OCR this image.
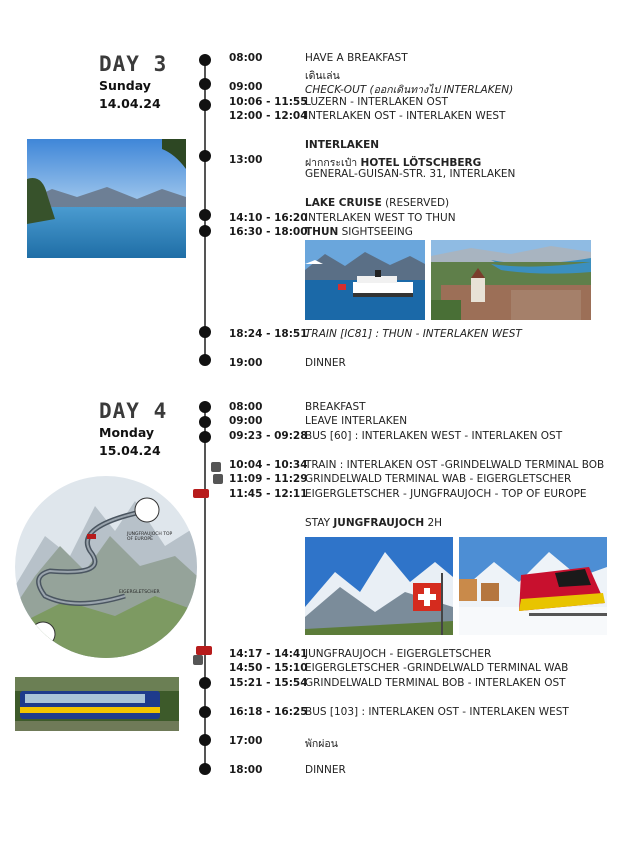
DAY 3
Sunday
14.04.24
08:00	HAVE A BREAKFAST
เดินเล่น
09:00	CHECK-OUT (ออกเดินทางไป INTERLAKEN)
10:06 - 11:55
LUZERN - INTERLAKEN OST
12:00 - 12:04
INTERLAKEN OST - INTERLAKEN WEST
INTERLAKEN
13:00	ฝากกระเป๋า HOTEL LÖTSCHBERG
GENERAL-GUISAN-STR. 31, INTERLAKEN
LAKE CRUISE (RESERVED)
14:10 - 16:20
INTERLAKEN WEST TO THUN
16:30 - 18:00
THUN SIGHTSEEING
18:24 - 18:51
TRAIN [IC81] : THUN - INTERLAKEN WEST
19:00	DINNER
DAY 4
Monday
15.04.24
08:00	BREAKFAST
09:00	LEAVE INTERLAKEN
09:23 - 09:28
BUS [60] : INTERLAKEN WEST - INTERLAKEN OST
10:04 - 10:34
TRAIN : INTERLAKEN OST -GRINDELWALD TERMINAL BOB
11:09 - 11:29
GRINDELWALD TERMINAL WAB - EIGERGLETSCHER
11:45 - 12:11
EIGERGLETSCHER - JUNGFRAUJOCH - TOP OF EUROPE
STAY JUNGFRAUJOCH 2H
14:17 - 14:41
JUNGFRAUJOCH - EIGERGLETSCHER
14:50 - 15:10
EIGERGLETSCHER -GRINDELWALD TERMINAL WAB
15:21 - 15:54
GRINDELWALD TERMINAL BOB - INTERLAKEN OST
16:18 - 16:25
BUS [103] : INTERLAKEN OST - INTERLAKEN WEST
17:00	พักผ่อน
18:00	DINNER
JUNGFRAUJOCH TOP OF EUROPE
EIGERGLETSCHER
GRINDELWALD TERMINAL
